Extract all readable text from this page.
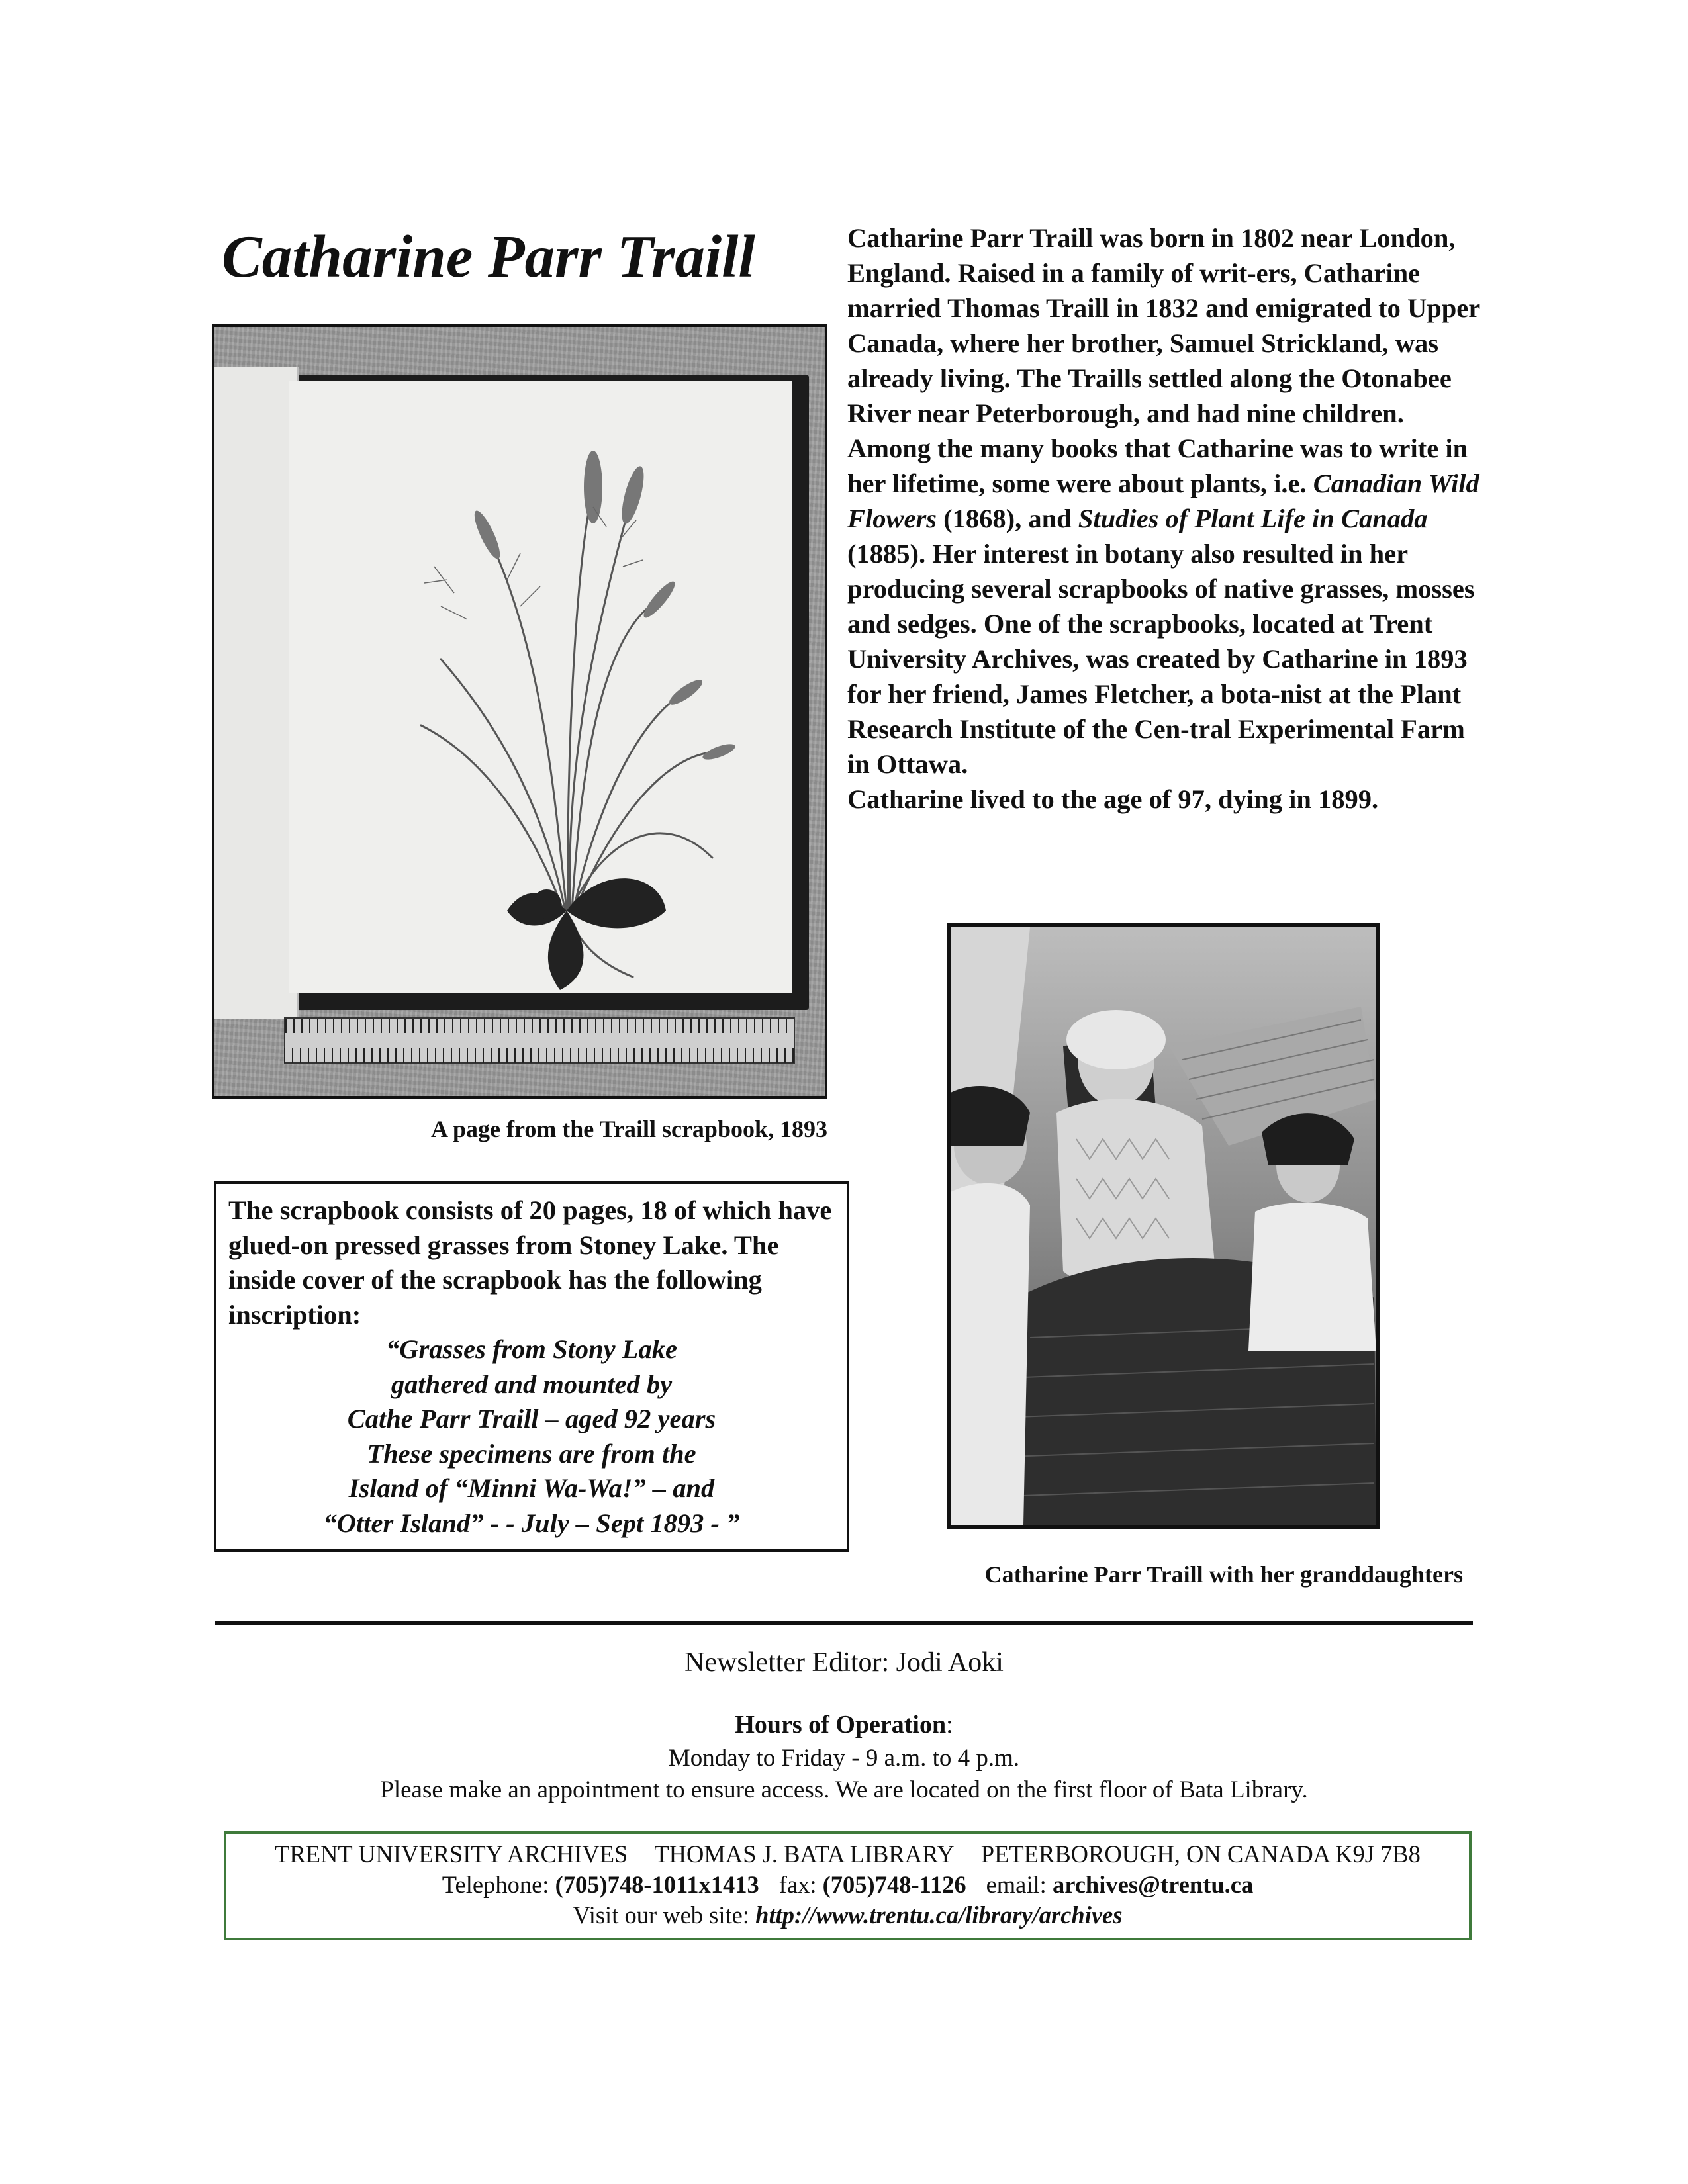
Catharine Parr Traill	Catharine Parr Traill was born in 1802 near London, England. Raised in a family of writ-ers, Catharine married Thomas Traill in 1832 and emigrated to Upper Canada, where her brother, Samuel Strickland, was already living. The Traills settled along the Otonabee River near Peterborough, and had nine children. Among the many books that Catharine was to write in her lifetime, some were about plants, i.e. Canadian Wild Flowers (1868), and Studies of Plant Life in Canada (1885). Her interest in botany also resulted in her producing several scrapbooks of native grasses, mosses and sedges. One of the scrapbooks, located at Trent University Archives, was created by Catharine in 1893 for her friend, James Fletcher, a bota-nist at the Plant Research Institute of the Cen-tral Experimental Farm in Ottawa.

Catharine lived to the age of 97, dying in 1899.

A page from the Traill scrapbook, 1893

The scrapbook consists of 20 pages, 18 of which have glued-on pressed grasses from Stoney Lake. The inside cover of the scrapbook has the following inscription:

“Grasses from Stony Lake

gathered and mounted by

Cathe Parr Traill – aged 92 years

These specimens are from the

Island of “Minni Wa-Wa!” – and

“Otter Island” - - July – Sept 1893 - ”

Catharine Parr Traill with her granddaughters
Newsletter Editor: Jodi Aoki
Hours of Operation:
Monday to Friday - 9 a.m. to 4 p.m.
Please make an appointment to ensure access. We are located on the first floor of Bata Library.
TRENT UNIVERSITY ARCHIVES THOMAS J. BATA LIBRARY PETERBOROUGH, ON CANADA K9J 7B8
Telephone: (705)748-1011x1413 fax: (705)748-1126 email: archives@trentu.ca
Visit our web site: http://www.trentu.ca/library/archives
